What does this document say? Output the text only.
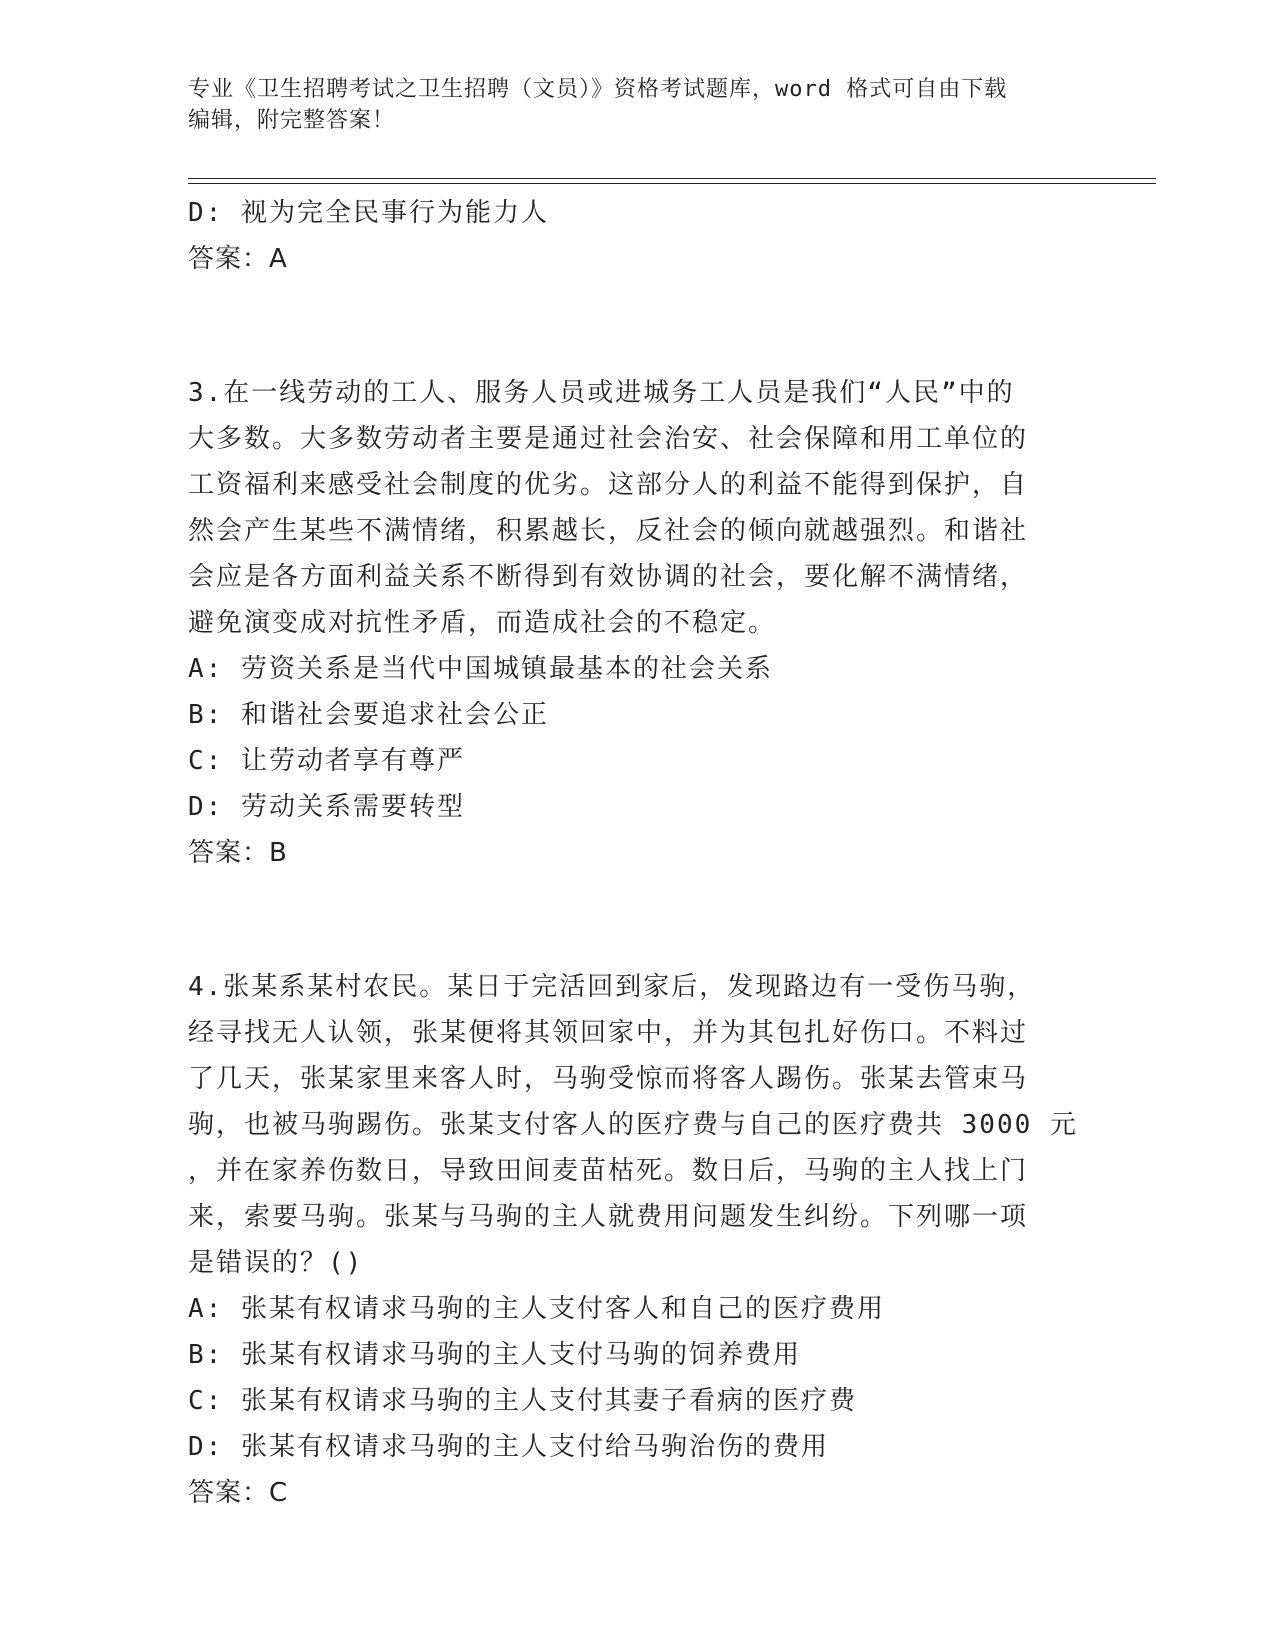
专业《卫生招聘考试之卫生招聘（文员）》资格考试题库，word 格式可自由下载
编辑，附完整答案！
D: 视为完全民事行为能力人
答案：A
3.在一线劳动的工人、服务人员或进城务工人员是我们“人民”中的
大多数。大多数劳动者主要是通过社会治安、社会保障和用工单位的
工资福利来感受社会制度的优劣。这部分人的利益不能得到保护，自
然会产生某些不满情绪，积累越长，反社会的倾向就越强烈。和谐社
会应是各方面利益关系不断得到有效协调的社会，要化解不满情绪，
避免演变成对抗性矛盾，而造成社会的不稳定。
A: 劳资关系是当代中国城镇最基本的社会关系
B: 和谐社会要追求社会公正
C: 让劳动者享有尊严
D: 劳动关系需要转型
答案：B
4.张某系某村农民。某日于完活回到家后，发现路边有一受伤马驹，
经寻找无人认领，张某便将其领回家中，并为其包扎好伤口。不料过
了几天，张某家里来客人时，马驹受惊而将客人踢伤。张某去管束马
驹，也被马驹踢伤。张某支付客人的医疗费与自己的医疗费共 3000 元
，并在家养伤数日，导致田间麦苗枯死。数日后，马驹的主人找上门
来，索要马驹。张某与马驹的主人就费用问题发生纠纷。下列哪一项
是错误的？()
A: 张某有权请求马驹的主人支付客人和自己的医疗费用
B: 张某有权请求马驹的主人支付马驹的饲养费用
C: 张某有权请求马驹的主人支付其妻子看病的医疗费
D: 张某有权请求马驹的主人支付给马驹治伤的费用
答案：C
